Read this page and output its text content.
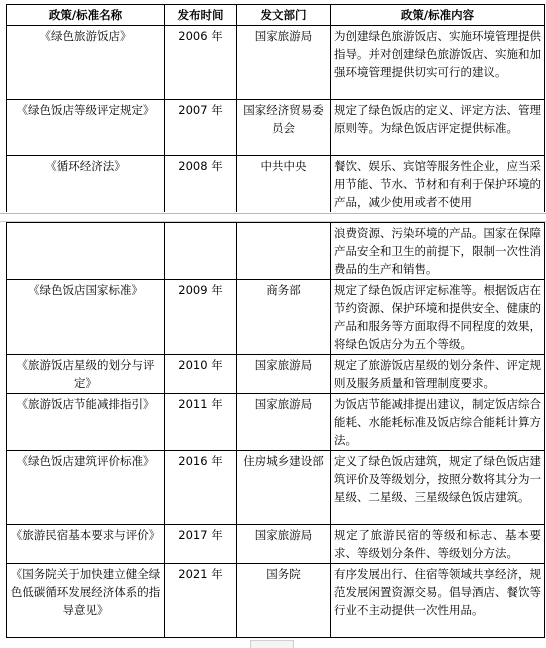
政策/标准名称	发布时间	发文部门	政策/标准内容
《绿色旅游饭店》	2006 年	国家旅游局	为创建绿色旅游饭店、实施环境管理提供指导。并对创建绿色旅游饭店、实施和加强环境管理提供切实可行的建议。
《绿色饭店等级评定规定》	2007 年	国家经济贸易委员会	规定了绿色饭店的定义、评定方法、管理原则等。为绿色饭店评定提供标准。
《循环经济法》	2008 年	中共中央	餐饮、娱乐、宾馆等服务性企业，应当采用节能、节水、节材和有利于保护环境的产品，减少使用或者不使用
			浪费资源、污染环境的产品。国家在保障产品安全和卫生的前提下，限制一次性消费品的生产和销售。
《绿色饭店国家标准》	2009 年	商务部	规定了绿色饭店评定标准等。根据饭店在节约资源、保护环境和提供安全、健康的产品和服务等方面取得不同程度的效果，将绿色饭店分为五个等级。
《旅游饭店星级的划分与评定》	2010 年	国家旅游局	规定了旅游饭店星级的划分条件、评定规则及服务质量和管理制度要求。
《旅游饭店节能减排指引》	2011 年	国家旅游局	为饭店节能减排提出建议，制定饭店综合能耗、水能耗标准及饭店综合能耗计算方法。
《绿色饭店建筑评价标准》	2016 年	住房城乡建设部	定义了绿色饭店建筑，规定了绿色饭店建筑评价及等级划分，按照分数将其分为一星级、二星级、三星级绿色饭店建筑。
《旅游民宿基本要求与评价》	2017 年	国家旅游局	规定了旅游民宿的等级和标志、基本要求、等级划分条件、等级划分方法。
《国务院关于加快建立健全绿色低碳循环发展经济体系的指导意见》	2021 年	国务院	有序发展出行、住宿等领域共享经济，规范发展闲置资源交易。倡导酒店、餐饮等行业不主动提供一次性用品。
